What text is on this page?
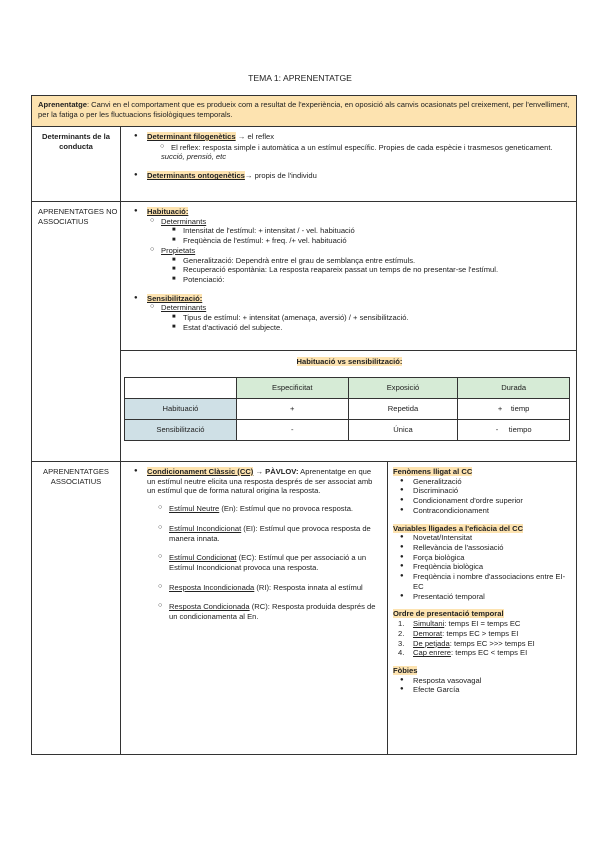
TEMA 1: APRENENTATGE
Aprenentatge: Canvi en el comportament que es produeix com a resultat de l'experiència, en oposició als canvis ocasionats pel creixement, per l'envelliment, per la fatiga o per les fluctuacions fisiològiques temporals.
Determinants de la conducta
● Determinant filogenètics → el reflex
○ El reflex: resposta simple i automàtica a un estímul específic. Propies de cada espècie i trasmesos geneticament.
succió, prensió, etc
● Determinants ontogenètics→ propis de l'individu
APRENENTATGES NO ASSOCIATIUS
● Habituació:
○ Determinants
■ Intensitat de l'estímul: + intensitat / - vel. habituació
■ Freqüència de l'estímul: + freq. /+ vel. habituació
○ Propietats
■ Generalització: Dependrà entre el grau de semblança entre estímuls.
■ Recuperació espontània: La resposta reapareix passat un temps de no presentar-se l'estímul.
■ Potenciació:
● Sensibilització:
○ Determinants
■ Tipus de estímul: + intensitat (amenaça, aversió) / + sensibilització.
■ Estat d'activació del subjecte.
Habituació vs sensibilització:
	Especificitat	Exposició	Durada
Habituació	+	Repetida	+ tiemp
Sensibilització	-	Única	- tiempo
APRENENTATGES ASSOCIATIUS
● Condicionament Clàssic (CC) → PÀVLOV: Aprenentatge en que un estímul neutre elicita una resposta després de ser associat amb un estímul que de forma natural origina la resposta.
○ Estímul Neutre (En): Estímul que no provoca resposta.
○ Estímul Incondicionat (EI): Estímul que provoca resposta de manera innata.
○ Estímul Condicionat (EC): Estímul que per associació a un Estímul Incondicionat provoca una resposta.
○ Resposta Incondicionada (RI): Resposta innata al estímul
○ Resposta Condicionada (RC): Resposta produida després de un condicionamenta al En.
Fenòmens lligat al CC
● Generalització
● Discriminació
● Condicionament d'ordre superior
● Contracondicionament
Variables lligades a l'eficàcia del CC
● Novetat/Intensitat
● Rellevància de l'assosiació
● Força biològica
● Freqüència biològica
● Freqüència i nombre d'associacions entre EI-EC
● Presentació temporal
Ordre de presentació temporal
1. Simultani: temps EI = temps EC
2. Demorat: temps EC > temps EI
3. De petjada: temps EC >>> temps EI
4. Cap enrere: temps EC < temps EI
Fòbies
● Resposta vasovagal
● Efecte García
